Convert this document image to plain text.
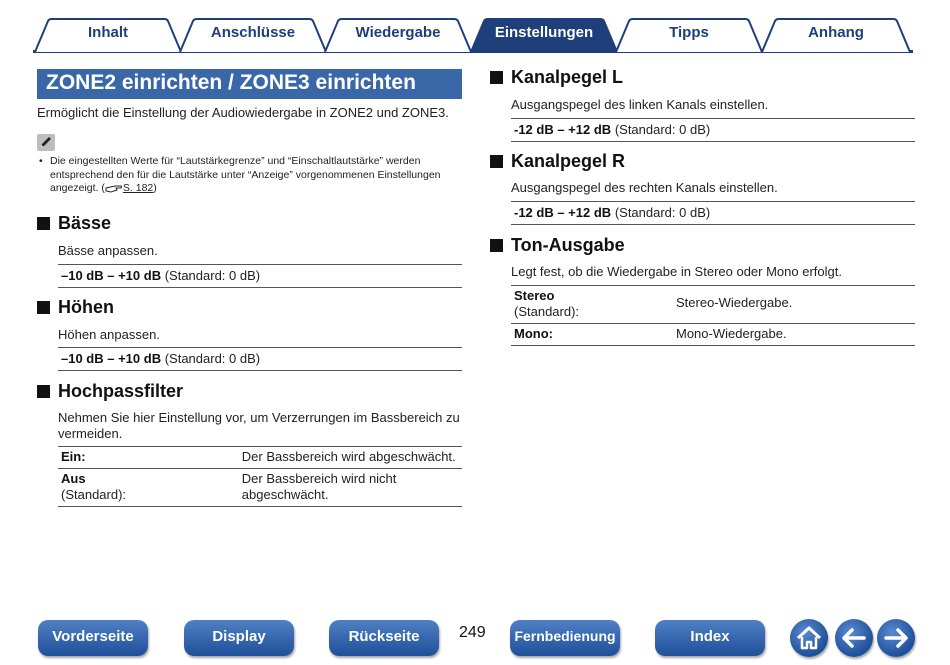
Inhalt	Anschlüsse	Wiedergabe	Einstellungen	Tipps	Anhang
ZONE2 einrichten / ZONE3 einrichten
Ermöglicht die Einstellung der Audiowiedergabe in ZONE2 und ZONE3.
• Die eingestellten Werte für “Lautstärkegrenze” und “Einschaltlautstärke” werden entsprechend den für die Lautstärke unter “Anzeige” vorgenommenen Einstellungen angezeigt. ( S. 182)
Bässe
Bässe anpassen.
–10 dB – +10 dB (Standard: 0 dB)
Höhen
Höhen anpassen.
–10 dB – +10 dB (Standard: 0 dB)
Hochpassfilter
Nehmen Sie hier Einstellung vor, um Verzerrungen im Bassbereich zu vermeiden.
Ein:	Der Bassbereich wird abgeschwächt.
Aus
(Standard):	Der Bassbereich wird nicht abgeschwächt.
Kanalpegel L
Ausgangspegel des linken Kanals einstellen.
-12 dB – +12 dB (Standard: 0 dB)
Kanalpegel R
Ausgangspegel des rechten Kanals einstellen.
-12 dB – +12 dB (Standard: 0 dB)
Ton-Ausgabe
Legt fest, ob die Wiedergabe in Stereo oder Mono erfolgt.
Stereo
(Standard):	Stereo-Wiedergabe.
Mono:	Mono-Wiedergabe.
Vorderseite	Display	Rückseite	249	Fernbedienung	Index
